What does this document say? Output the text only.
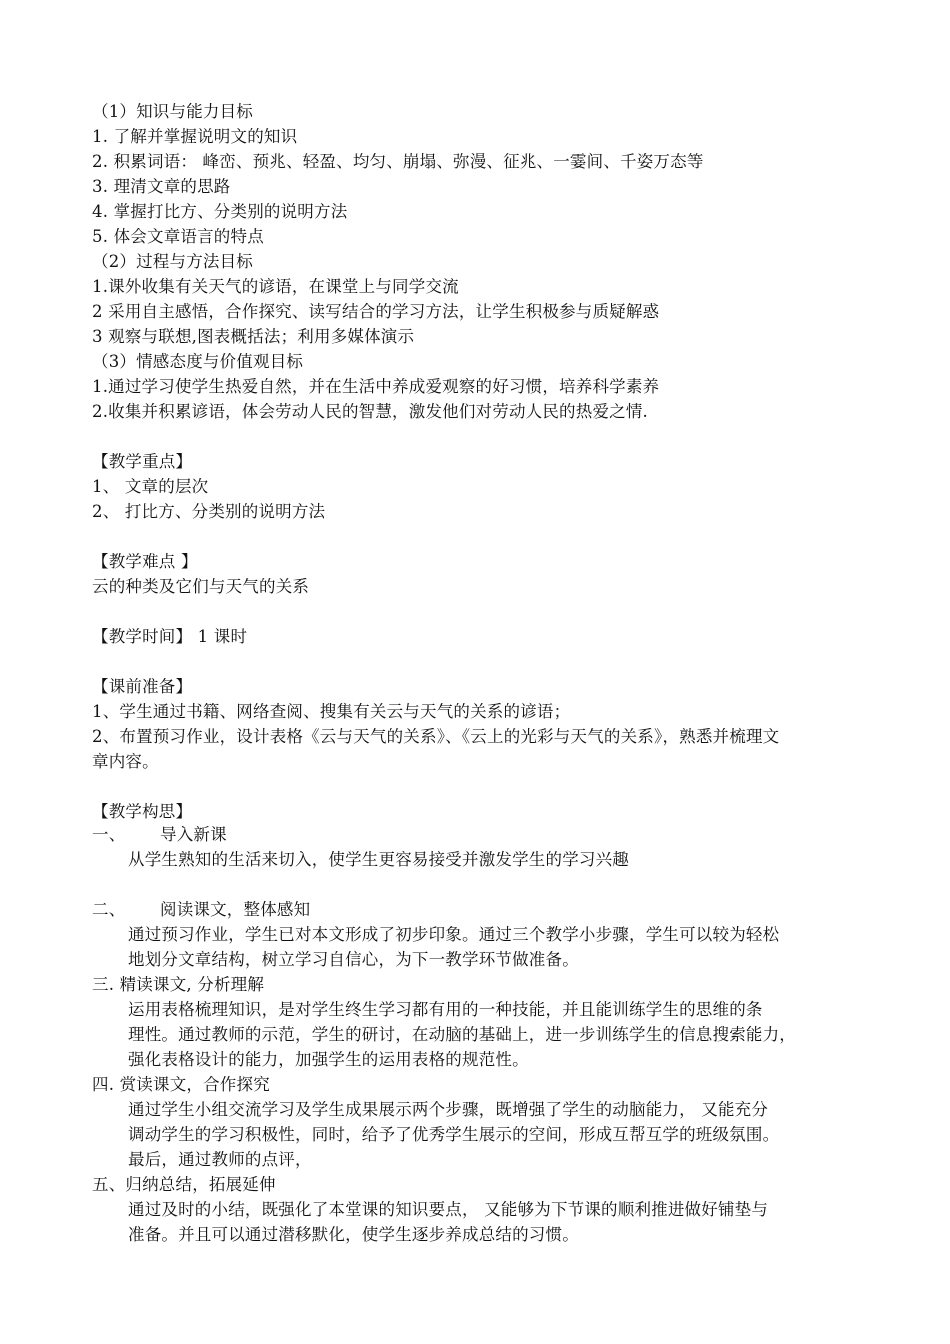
（1）知识与能力目标

1. 了解并掌握说明文的知识

2. 积累词语： 峰峦、预兆、轻盈、均匀、崩塌、弥漫、征兆、一霎间、千姿万态等

3. 理清文章的思路

4. 掌握打比方、分类别的说明方法

5. 体会文章语言的特点

（2）过程与方法目标

1.课外收集有关天气的谚语，在课堂上与同学交流

2 采用自主感悟，合作探究、读写结合的学习方法，让学生积极参与质疑解惑

3 观察与联想,图表概括法；利用多媒体演示

（3）情感态度与价值观目标

1.通过学习使学生热爱自然，并在生活中养成爱观察的好习惯，培养科学素养

2.收集并积累谚语，体会劳动人民的智慧，激发他们对劳动人民的热爱之情.

【教学重点】

1、 文章的层次

2、 打比方、分类别的说明方法

【教学难点 】

云的种类及它们与天气的关系

【教学时间】 1 课时

【课前准备】

1、学生通过书籍、网络查阅、搜集有关云与天气的关系的谚语；

2、布置预习作业，设计表格《云与天气的关系》、《云上的光彩与天气的关系》，熟悉并梳理文

章内容。

【教学构思】

一、 导入新课

从学生熟知的生活来切入，使学生更容易接受并激发学生的学习兴趣

二、 阅读课文，整体感知

通过预习作业，学生已对本文形成了初步印象。通过三个教学小步骤，学生可以较为轻松

地划分文章结构，树立学习自信心，为下一教学环节做准备。

三. 精读课文, 分析理解

运用表格梳理知识，是对学生终生学习都有用的一种技能，并且能训练学生的思维的条

理性。通过教师的示范，学生的研讨，在动脑的基础上，进一步训练学生的信息搜索能力，

强化表格设计的能力，加强学生的运用表格的规范性。

四. 赏读课文，合作探究

通过学生小组交流学习及学生成果展示两个步骤，既增强了学生的动脑能力， 又能充分

调动学生的学习积极性，同时，给予了优秀学生展示的空间，形成互帮互学的班级氛围。

最后，通过教师的点评，

五、归纳总结，拓展延伸

通过及时的小结，既强化了本堂课的知识要点， 又能够为下节课的顺利推进做好铺垫与

准备。并且可以通过潜移默化，使学生逐步养成总结的习惯。
